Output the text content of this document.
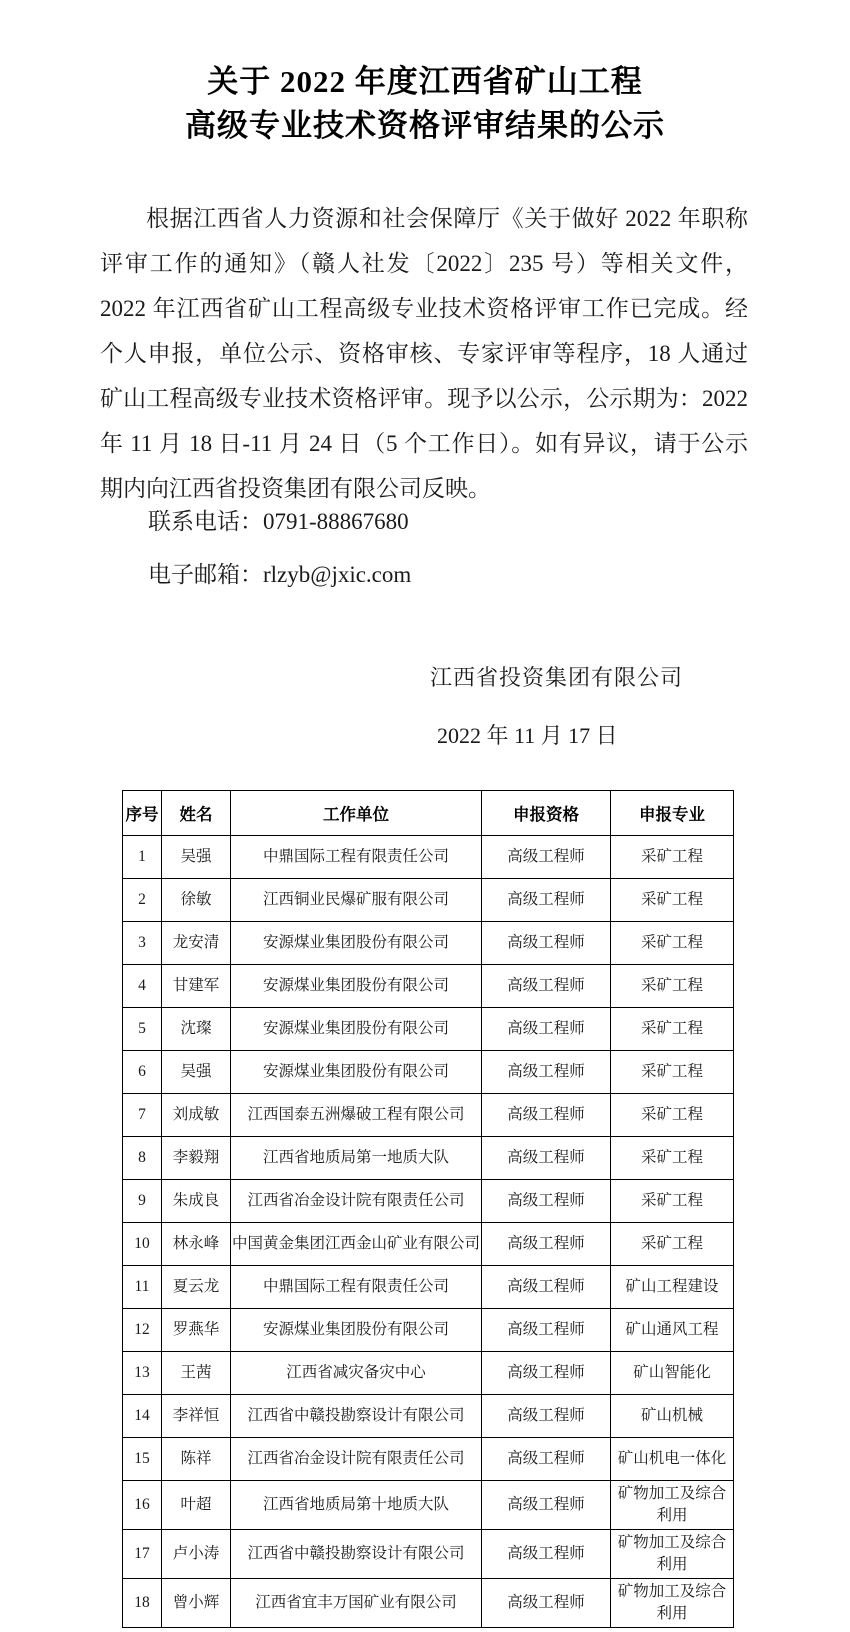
关于 2022 年度江西省矿山工程
高级专业技术资格评审结果的公示

根据江西省人力资源和社会保障厅《关于做好 2022 年职称评审工作的通知》（赣人社发〔2022〕235 号）等相关文件，2022 年江西省矿山工程高级专业技术资格评审工作已完成。经个人申报，单位公示、资格审核、专家评审等程序，18 人通过矿山工程高级专业技术资格评审。现予以公示，公示期为：2022 年 11 月 18 日-11 月 24 日（5 个工作日）。如有异议，请于公示期内向江西省投资集团有限公司反映。

联系电话：0791-88867680

电子邮箱：rlzyb@jxic.com

江西省投资集团有限公司
2022 年 11 月 17 日
序号	姓名	工作单位	申报资格	申报专业
1	吴强	中鼎国际工程有限责任公司	高级工程师	采矿工程
2	徐敏	江西铜业民爆矿服有限公司	高级工程师	采矿工程
3	龙安清	安源煤业集团股份有限公司	高级工程师	采矿工程
4	甘建军	安源煤业集团股份有限公司	高级工程师	采矿工程
5	沈璨	安源煤业集团股份有限公司	高级工程师	采矿工程
6	吴强	安源煤业集团股份有限公司	高级工程师	采矿工程
7	刘成敏	江西国泰五洲爆破工程有限公司	高级工程师	采矿工程
8	李毅翔	江西省地质局第一地质大队	高级工程师	采矿工程
9	朱成良	江西省冶金设计院有限责任公司	高级工程师	采矿工程
10	林永峰	中国黄金集团江西金山矿业有限公司	高级工程师	采矿工程
11	夏云龙	中鼎国际工程有限责任公司	高级工程师	矿山工程建设
12	罗燕华	安源煤业集团股份有限公司	高级工程师	矿山通风工程
13	王茜	江西省减灾备灾中心	高级工程师	矿山智能化
14	李祥恒	江西省中赣投勘察设计有限公司	高级工程师	矿山机械
15	陈祥	江西省冶金设计院有限责任公司	高级工程师	矿山机电一体化
16	叶超	江西省地质局第十地质大队	高级工程师	矿物加工及综合利用
17	卢小涛	江西省中赣投勘察设计有限公司	高级工程师	矿物加工及综合利用
18	曾小辉	江西省宜丰万国矿业有限公司	高级工程师	矿物加工及综合利用
